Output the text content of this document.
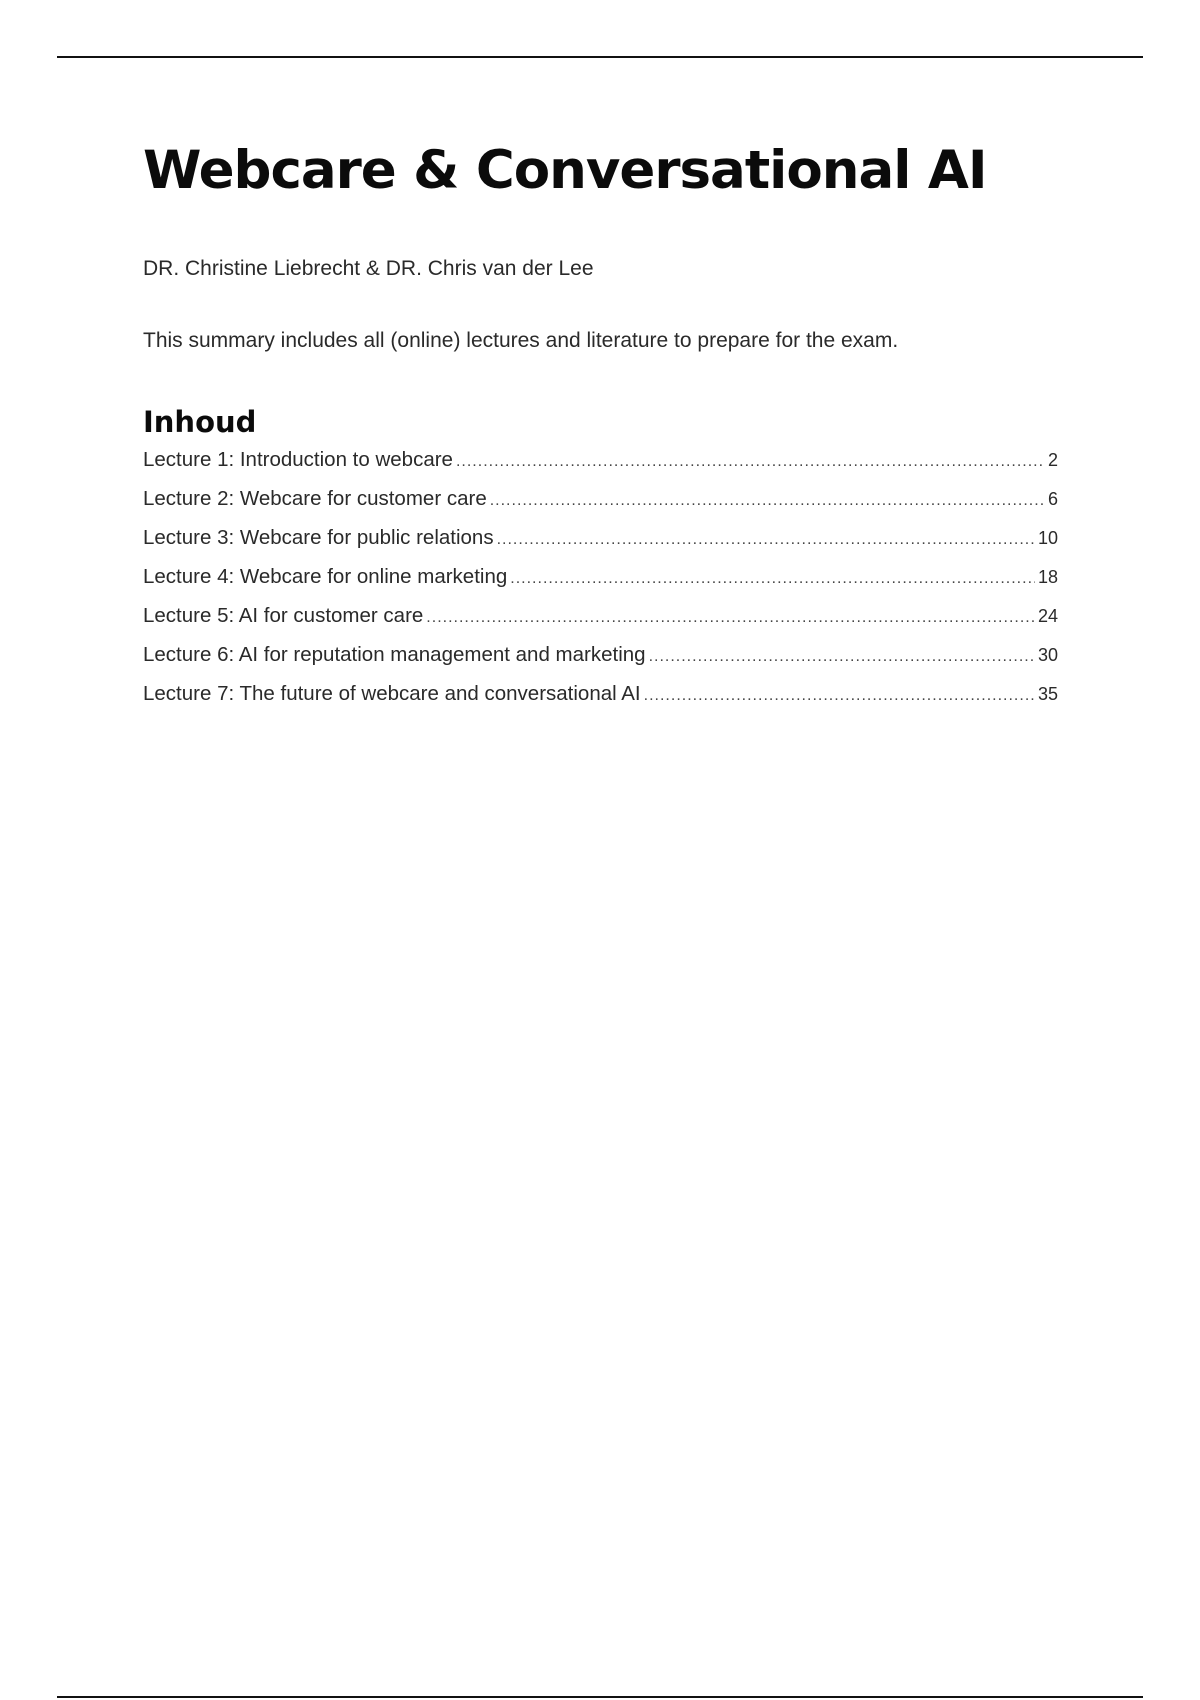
Webcare & Conversational AI
DR. Christine Liebrecht & DR. Chris van der Lee
This summary includes all (online) lectures and literature to prepare for the exam.
Inhoud
Lecture 1: Introduction to webcare .....	2
Lecture 2: Webcare for customer care .....	6
Lecture 3: Webcare for public relations .....	10
Lecture 4: Webcare for online marketing .....	18
Lecture 5: AI for customer care .....	24
Lecture 6: AI for reputation management and marketing .....	30
Lecture 7: The future of webcare and conversational AI .....	35
